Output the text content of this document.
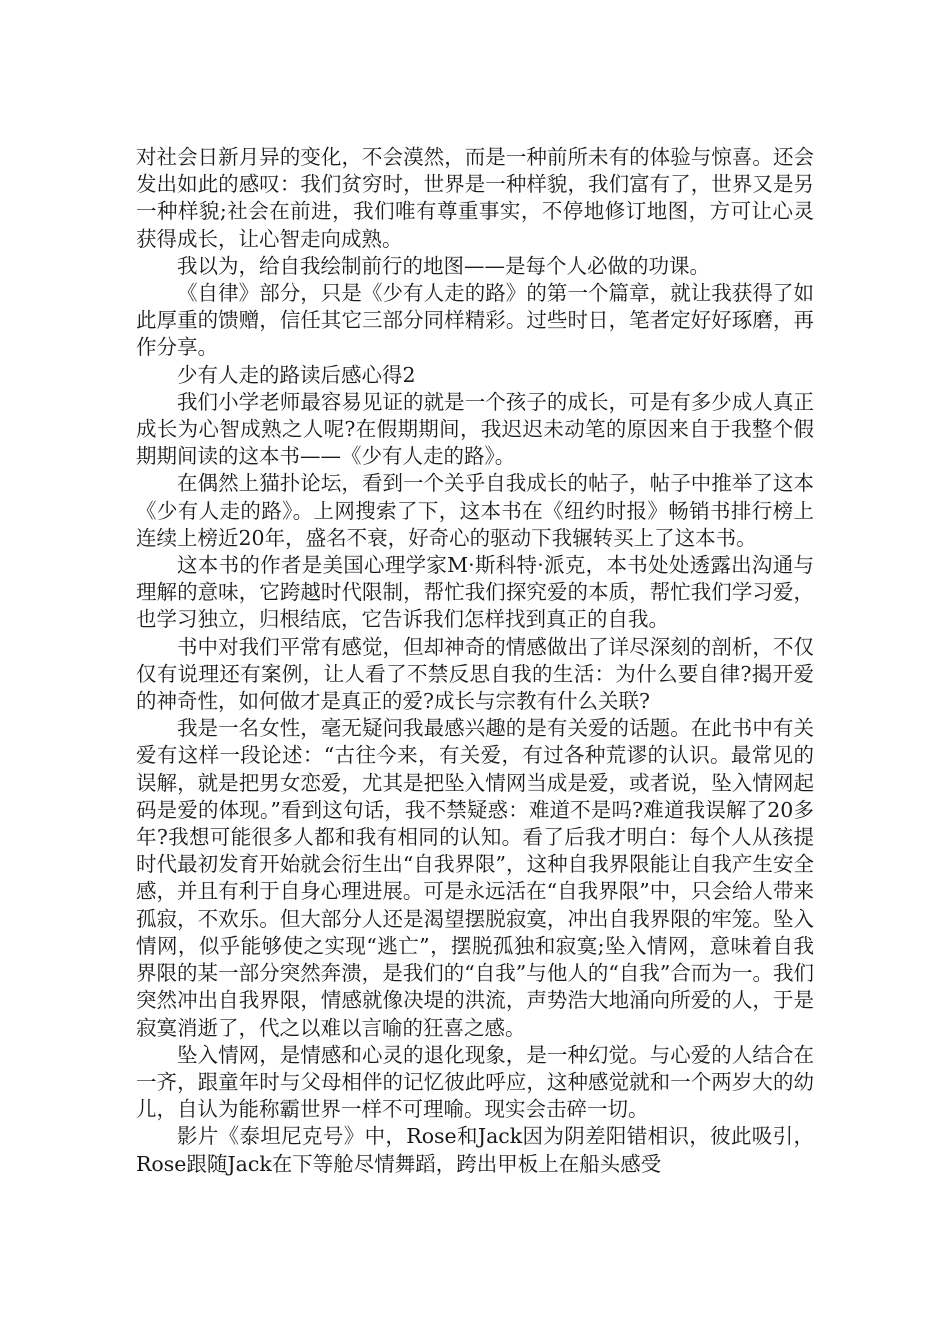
对社会日新月异的变化，不会漠然，而是一种前所未有的体验与惊喜。还会发出如此的感叹：我们贫穷时，世界是一种样貌，我们富有了，世界又是另一种样貌;社会在前进，我们唯有尊重事实，不停地修订地图，方可让心灵获得成长，让心智走向成熟。

我以为，给自我绘制前行的地图——是每个人必做的功课。

《自律》部分，只是《少有人走的路》的第一个篇章，就让我获得了如此厚重的馈赠，信任其它三部分同样精彩。过些时日，笔者定好好琢磨，再作分享。

少有人走的路读后感心得2

我们小学老师最容易见证的就是一个孩子的成长，可是有多少成人真正成长为心智成熟之人呢?在假期期间，我迟迟未动笔的原因来自于我整个假期期间读的这本书——《少有人走的路》。

在偶然上猫扑论坛，看到一个关乎自我成长的帖子，帖子中推举了这本《少有人走的路》。上网搜索了下，这本书在《纽约时报》畅销书排行榜上连续上榜近20年，盛名不衰，好奇心的驱动下我辗转买上了这本书。

这本书的作者是美国心理学家M·斯科特·派克，本书处处透露出沟通与理解的意味，它跨越时代限制，帮忙我们探究爱的本质，帮忙我们学习爱，也学习独立，归根结底，它告诉我们怎样找到真正的自我。

书中对我们平常有感觉，但却神奇的情感做出了详尽深刻的剖析，不仅仅有说理还有案例，让人看了不禁反思自我的生活：为什么要自律?揭开爱的神奇性，如何做才是真正的爱?成长与宗教有什么关联?

我是一名女性，毫无疑问我最感兴趣的是有关爱的话题。在此书中有关爱有这样一段论述：“古往今来，有关爱，有过各种荒谬的认识。最常见的误解，就是把男女恋爱，尤其是把坠入情网当成是爱，或者说，坠入情网起码是爱的体现。”看到这句话，我不禁疑惑：难道不是吗?难道我误解了20多年?我想可能很多人都和我有相同的认知。看了后我才明白：每个人从孩提时代最初发育开始就会衍生出“自我界限”，这种自我界限能让自我产生安全感，并且有利于自身心理进展。可是永远活在“自我界限”中，只会给人带来孤寂，不欢乐。但大部分人还是渴望摆脱寂寞，冲出自我界限的牢笼。坠入情网，似乎能够使之实现“逃亡”，摆脱孤独和寂寞;坠入情网，意味着自我界限的某一部分突然奔溃，是我们的“自我”与他人的“自我”合而为一。我们突然冲出自我界限，情感就像决堤的洪流，声势浩大地涌向所爱的人，于是寂寞消逝了，代之以难以言喻的狂喜之感。

坠入情网，是情感和心灵的退化现象，是一种幻觉。与心爱的人结合在一齐，跟童年时与父母相伴的记忆彼此呼应，这种感觉就和一个两岁大的幼儿，自认为能称霸世界一样不可理喻。现实会击碎一切。

影片《泰坦尼克号》中，Rose和Jack因为阴差阳错相识，彼此吸引，Rose跟随Jack在下等舱尽情舞蹈，跨出甲板上在船头感受
